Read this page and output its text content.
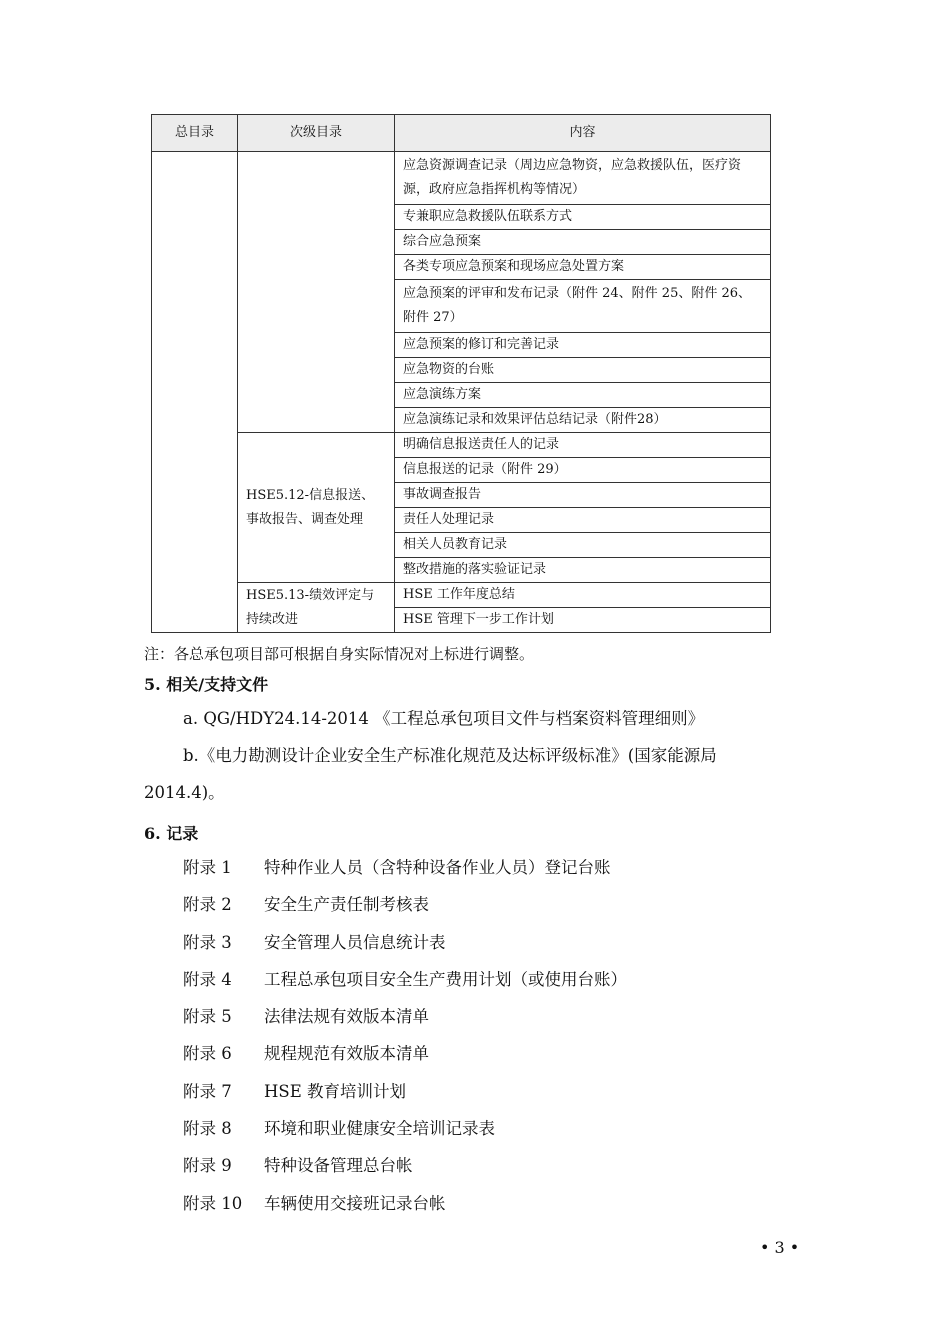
总目录	次级目录	内容
		应急资源调查记录（周边应急物资，应急救援队伍，医疗资源，政府应急指挥机构等情况）
		专兼职应急救援队伍联系方式
		综合应急预案
		各类专项应急预案和现场应急处置方案
		应急预案的评审和发布记录（附件 24、附件 25、附件 26、附件 27）
		应急预案的修订和完善记录
		应急物资的台账
		应急演练方案
		应急演练记录和效果评估总结记录（附件28）
	HSE5.12-信息报送、事故报告、调查处理	明确信息报送责任人的记录
		信息报送的记录（附件 29）
		事故调查报告
		责任人处理记录
		相关人员教育记录
		整改措施的落实验证记录
	HSE5.13-绩效评定与持续改进	HSE 工作年度总结
		HSE 管理下一步工作计划
注：各总承包项目部可根据自身实际情况对上标进行调整。
5. 相关/支持文件
a. QG/HDY24.14-2014 《工程总承包项目文件与档案资料管理细则》
b.《电力勘测设计企业安全生产标准化规范及达标评级标准》(国家能源局
2014.4)。
6. 记录
附录 1 特种作业人员（含特种设备作业人员）登记台账
附录 2 安全生产责任制考核表
附录 3 安全管理人员信息统计表
附录 4 工程总承包项目安全生产费用计划（或使用台账）
附录 5 法律法规有效版本清单
附录 6 规程规范有效版本清单
附录 7 HSE 教育培训计划
附录 8 环境和职业健康安全培训记录表
附录 9 特种设备管理总台帐
附录 10 车辆使用交接班记录台帐
• 3 •
